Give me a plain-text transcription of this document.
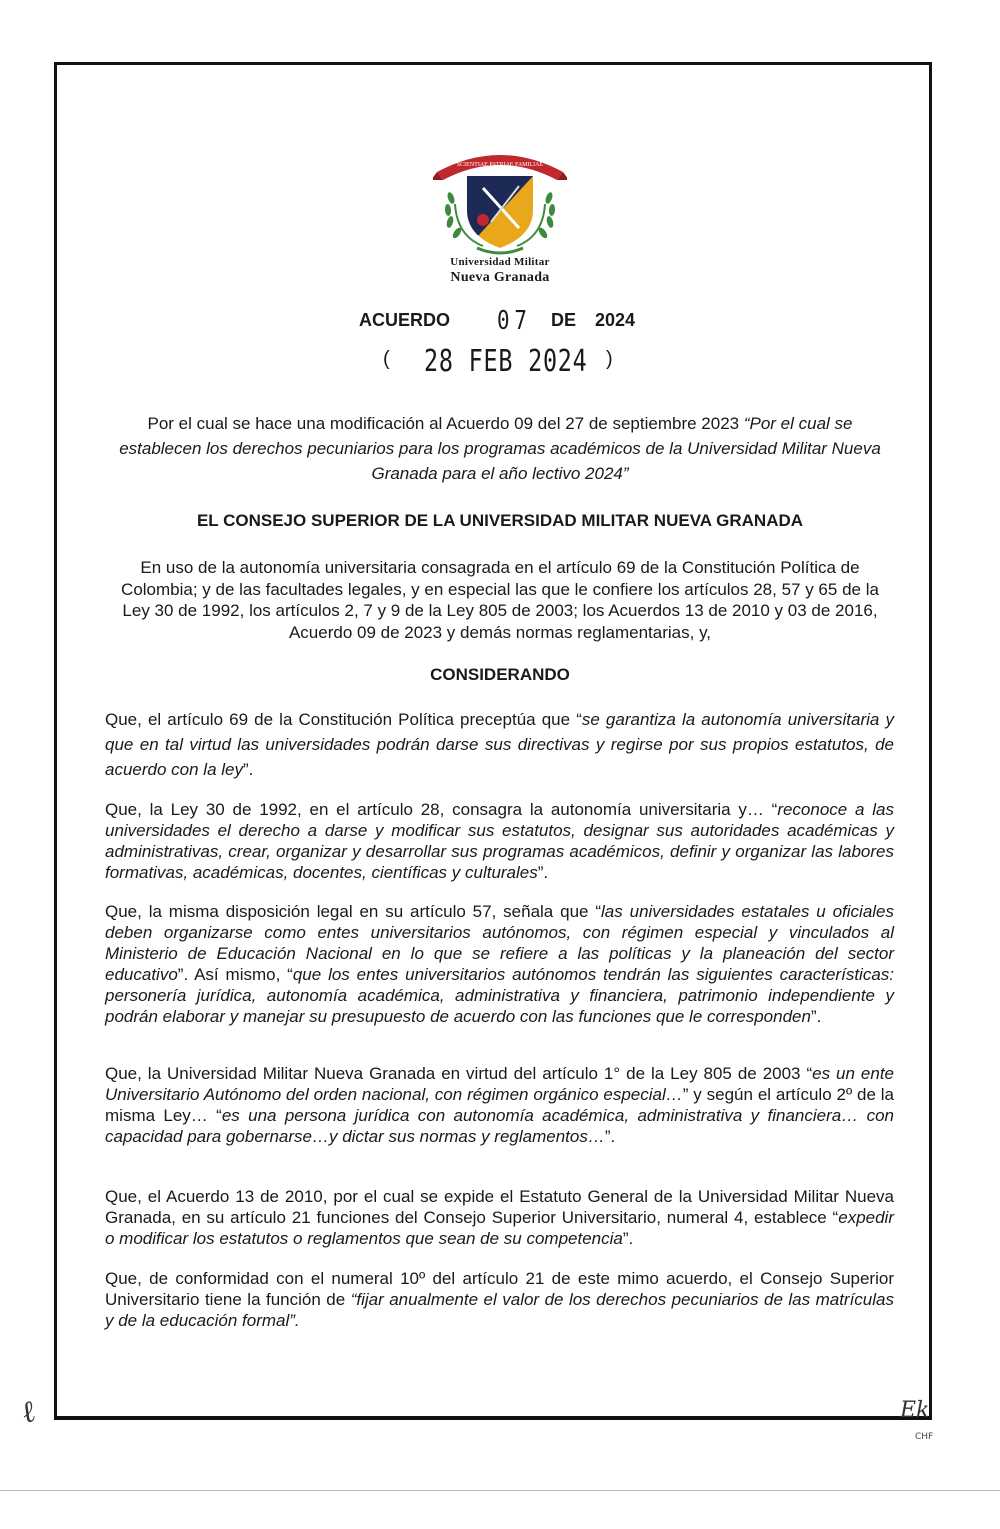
SCIENTIAE PATRIAE FAMILIAE
Universidad Militar
Nueva Granada
ACUERDO 07 DE 2024
( 28 FEB 2024 )
Por el cual se hace una modificación al Acuerdo 09 del 27 de septiembre 2023 “Por el cual se establecen los derechos pecuniarios para los programas académicos de la Universidad Militar Nueva Granada para el año lectivo 2024”
EL CONSEJO SUPERIOR DE LA UNIVERSIDAD MILITAR NUEVA GRANADA
En uso de la autonomía universitaria consagrada en el artículo 69 de la Constitución Política de Colombia; y de las facultades legales, y en especial las que le confiere los artículos 28, 57 y 65 de la Ley 30 de 1992, los artículos 2, 7 y 9 de la Ley 805 de 2003; los Acuerdos 13 de 2010 y 03 de 2016, Acuerdo 09 de 2023 y demás normas reglamentarias, y,
CONSIDERANDO
Que, el artículo 69 de la Constitución Política preceptúa que “se garantiza la autonomía universitaria y que en tal virtud las universidades podrán darse sus directivas y regirse por sus propios estatutos, de acuerdo con la ley”.
Que, la Ley 30 de 1992, en el artículo 28, consagra la autonomía universitaria y… “reconoce a las universidades el derecho a darse y modificar sus estatutos, designar sus autoridades académicas y administrativas, crear, organizar y desarrollar sus programas académicos, definir y organizar las labores formativas, académicas, docentes, científicas y culturales”.
Que, la misma disposición legal en su artículo 57, señala que “las universidades estatales u oficiales deben organizarse como entes universitarios autónomos, con régimen especial y vinculados al Ministerio de Educación Nacional en lo que se refiere a las políticas y la planeación del sector educativo”. Así mismo, “que los entes universitarios autónomos tendrán las siguientes características: personería jurídica, autonomía académica, administrativa y financiera, patrimonio independiente y podrán elaborar y manejar su presupuesto de acuerdo con las funciones que le corresponden”.
Que, la Universidad Militar Nueva Granada en virtud del artículo 1° de la Ley 805 de 2003 “es un ente Universitario Autónomo del orden nacional, con régimen orgánico especial…” y según el artículo 2º de la misma Ley… “es una persona jurídica con autonomía académica, administrativa y financiera… con capacidad para gobernarse…y dictar sus normas y reglamentos…”.
Que, el Acuerdo 13 de 2010, por el cual se expide el Estatuto General de la Universidad Militar Nueva Granada, en su artículo 21 funciones del Consejo Superior Universitario, numeral 4, establece “expedir o modificar los estatutos o reglamentos que sean de su competencia”.
Que, de conformidad con el numeral 10º del artículo 21 de este mimo acuerdo, el Consejo Superior Universitario tiene la función de “fijar anualmente el valor de los derechos pecuniarios de las matrículas y de la educación formal”.
ℓ	Ek
CHF
